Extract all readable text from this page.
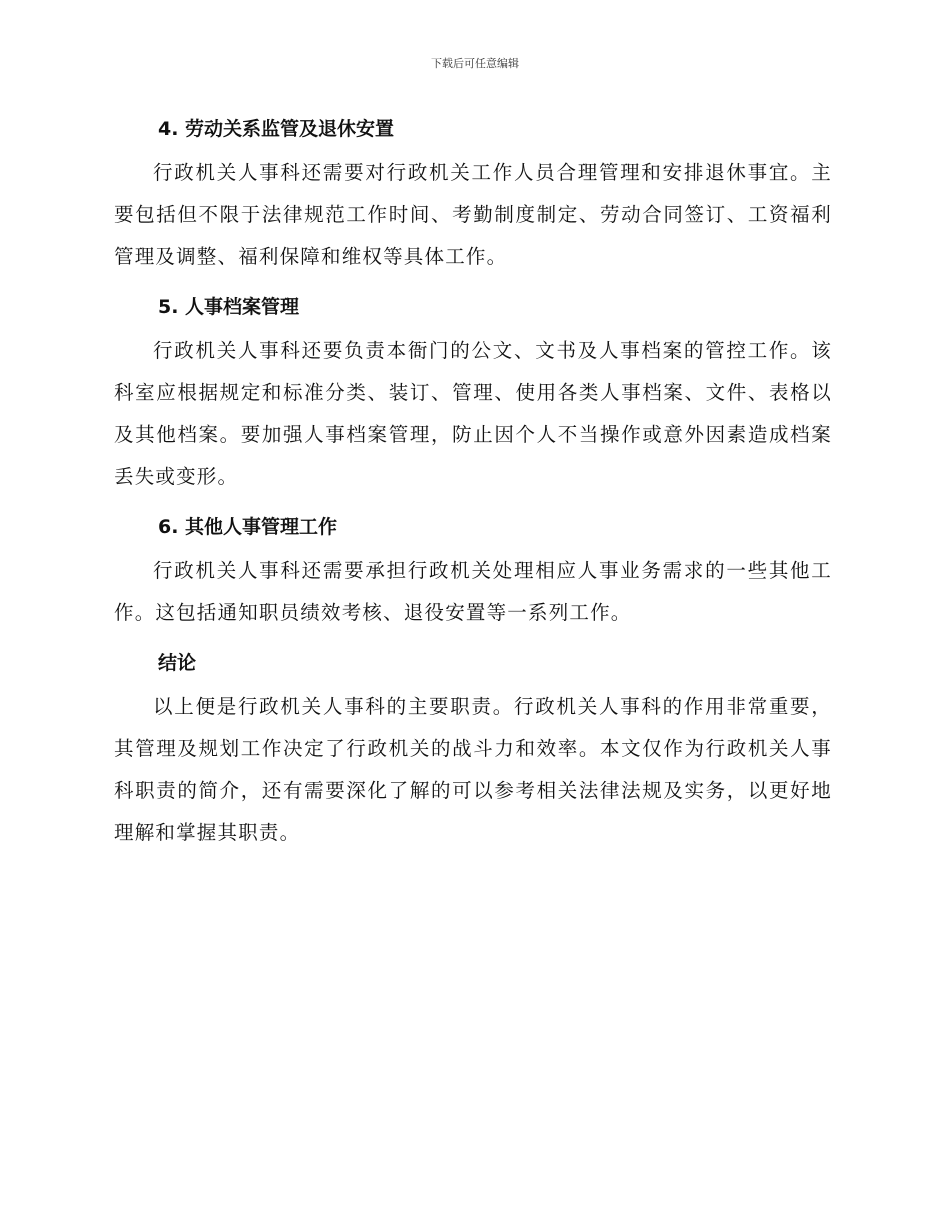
下载后可任意编辑
4. 劳动关系监管及退休安置

行政机关人事科还需要对行政机关工作人员合理管理和安排退休事宜。主要包括但不限于法律规范工作时间、考勤制度制定、劳动合同签订、工资福利管理及调整、福利保障和维权等具体工作。

5. 人事档案管理

行政机关人事科还要负责本衙门的公文、文书及人事档案的管控工作。该科室应根据规定和标准分类、装订、管理、使用各类人事档案、文件、表格以及其他档案。要加强人事档案管理，防止因个人不当操作或意外因素造成档案丢失或变形。

6. 其他人事管理工作

行政机关人事科还需要承担行政机关处理相应人事业务需求的一些其他工作。这包括通知职员绩效考核、退役安置等一系列工作。

结论

以上便是行政机关人事科的主要职责。行政机关人事科的作用非常重要，其管理及规划工作决定了行政机关的战斗力和效率。本文仅作为行政机关人事科职责的简介，还有需要深化了解的可以参考相关法律法规及实务，以更好地理解和掌握其职责。
